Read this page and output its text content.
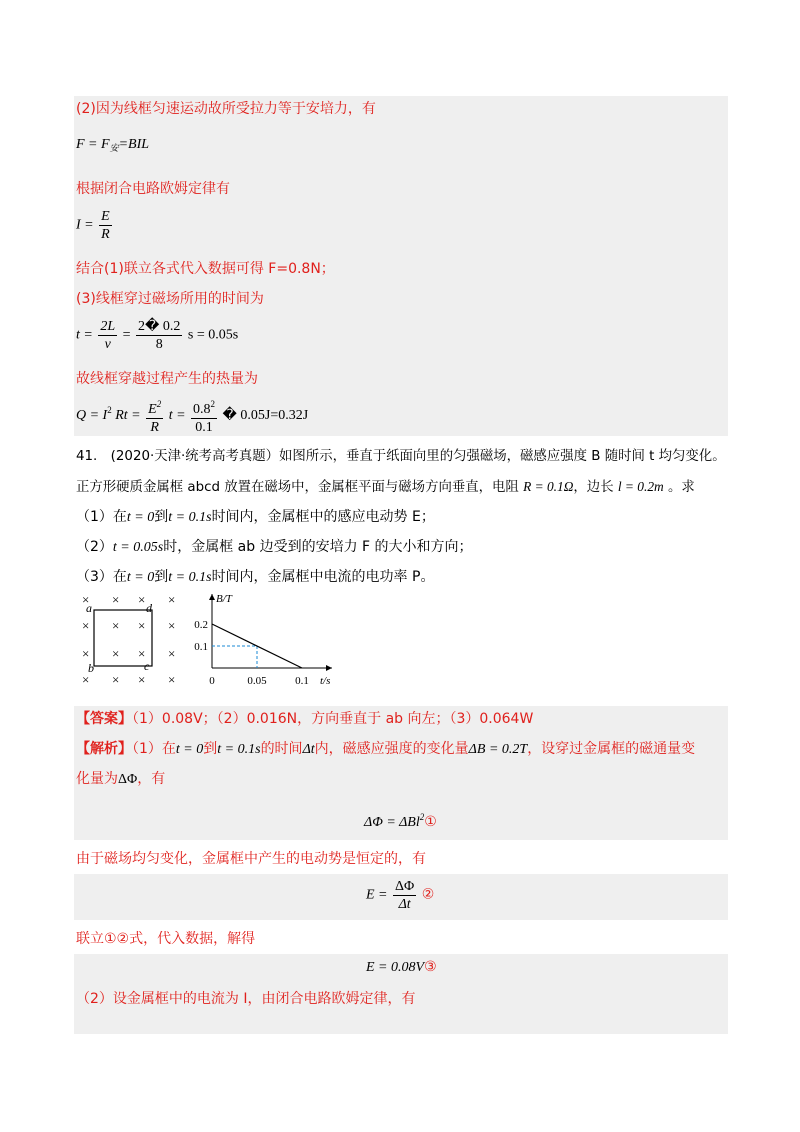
(2)因为线框匀速运动故所受拉力等于安培力，有
$F = F_安=BIL$
根据闭合电路欧姆定律有
$I = \frac{E}{R}$
结合(1)联立各式代入数据可得 F=0.8N；
(3)线框穿过磁场所用的时间为
$t = \frac{2L}{v} = \frac{2� 0.2}{8}$ s = 0.05s
故线框穿越过程产生的热量为
$Q = I^2$ $Rt = \frac{E^2}{R}$ $t = \frac{0.8^2}{0.1}$ � 0.05J=0.32J
41.　(2020·天津·统考高考真题）如图所示，垂直于纸面向里的匀强磁场，磁感应强度 B 随时间 t 均匀变化。
正方形硬质金属框 abcd 放置在磁场中，金属框平面与磁场方向垂直，电阻 R = 0.1Ω，边长 l = 0.2m 。求
（1）在t = 0到t = 0.1s时间内，金属框中的感应电动势 E；
（2）t = 0.05s时，金属框 ab 边受到的安培力 F 的大小和方向；
（3）在t = 0到t = 0.1s时间内，金属框中电流的电功率 P。
× × × ×
× × × ×
× × × ×
× × × ×
a	d
b	c
0	0.05	0.1
0.2
0.1
B/T
t/s
【答案】（1）0.08V；（2）0.016N，方向垂直于 ab 向左；（3）0.064W
【解析】（1）在t = 0到t = 0.1s的时间Δt内，磁感应强度的变化量ΔB = 0.2T，设穿过金属框的磁通量变
化量为ΔΦ，有
ΔΦ = ΔBl$^2$①
由于磁场均匀变化，金属框中产生的电动势是恒定的，有
$E = \frac{\Delta\Phi}{\Delta t}$ ②
联立①②式，代入数据，解得
E = 0.08V③
（2）设金属框中的电流为 I，由闭合电路欧姆定律，有
